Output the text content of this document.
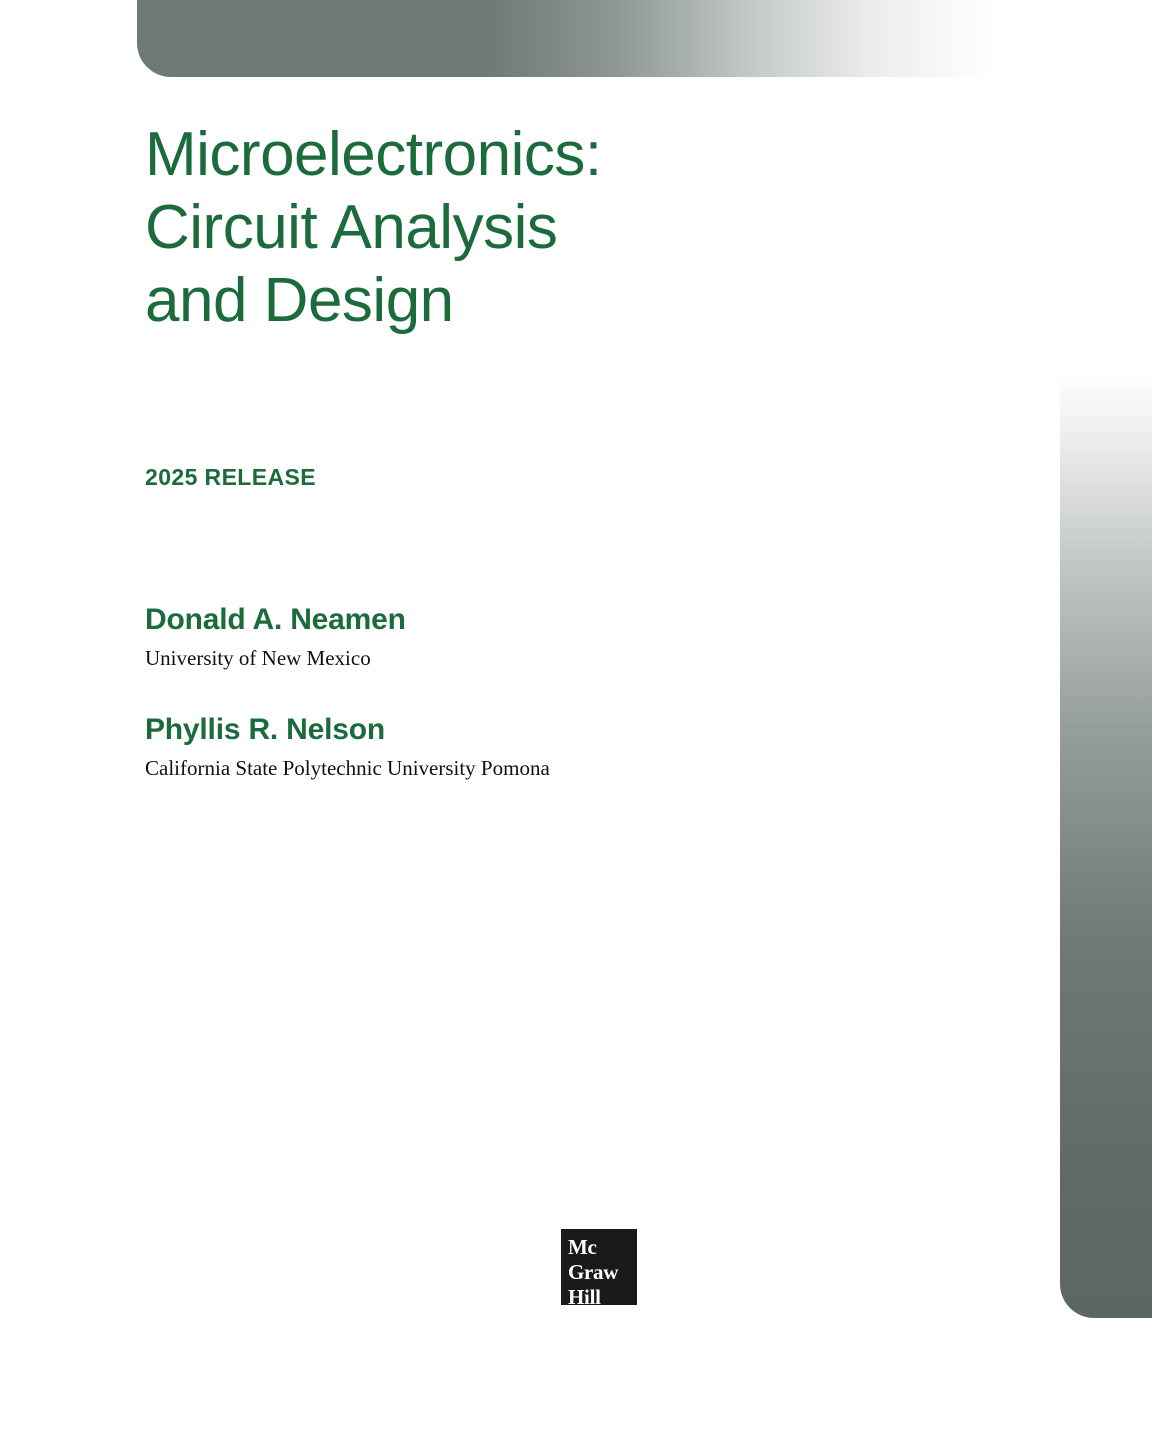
Microelectronics:
Circuit Analysis
and Design

2025 RELEASE

Donald A. Neamen

University of New Mexico

Phyllis R. Nelson

California State Polytechnic University Pomona

Mc
Graw
Hill
